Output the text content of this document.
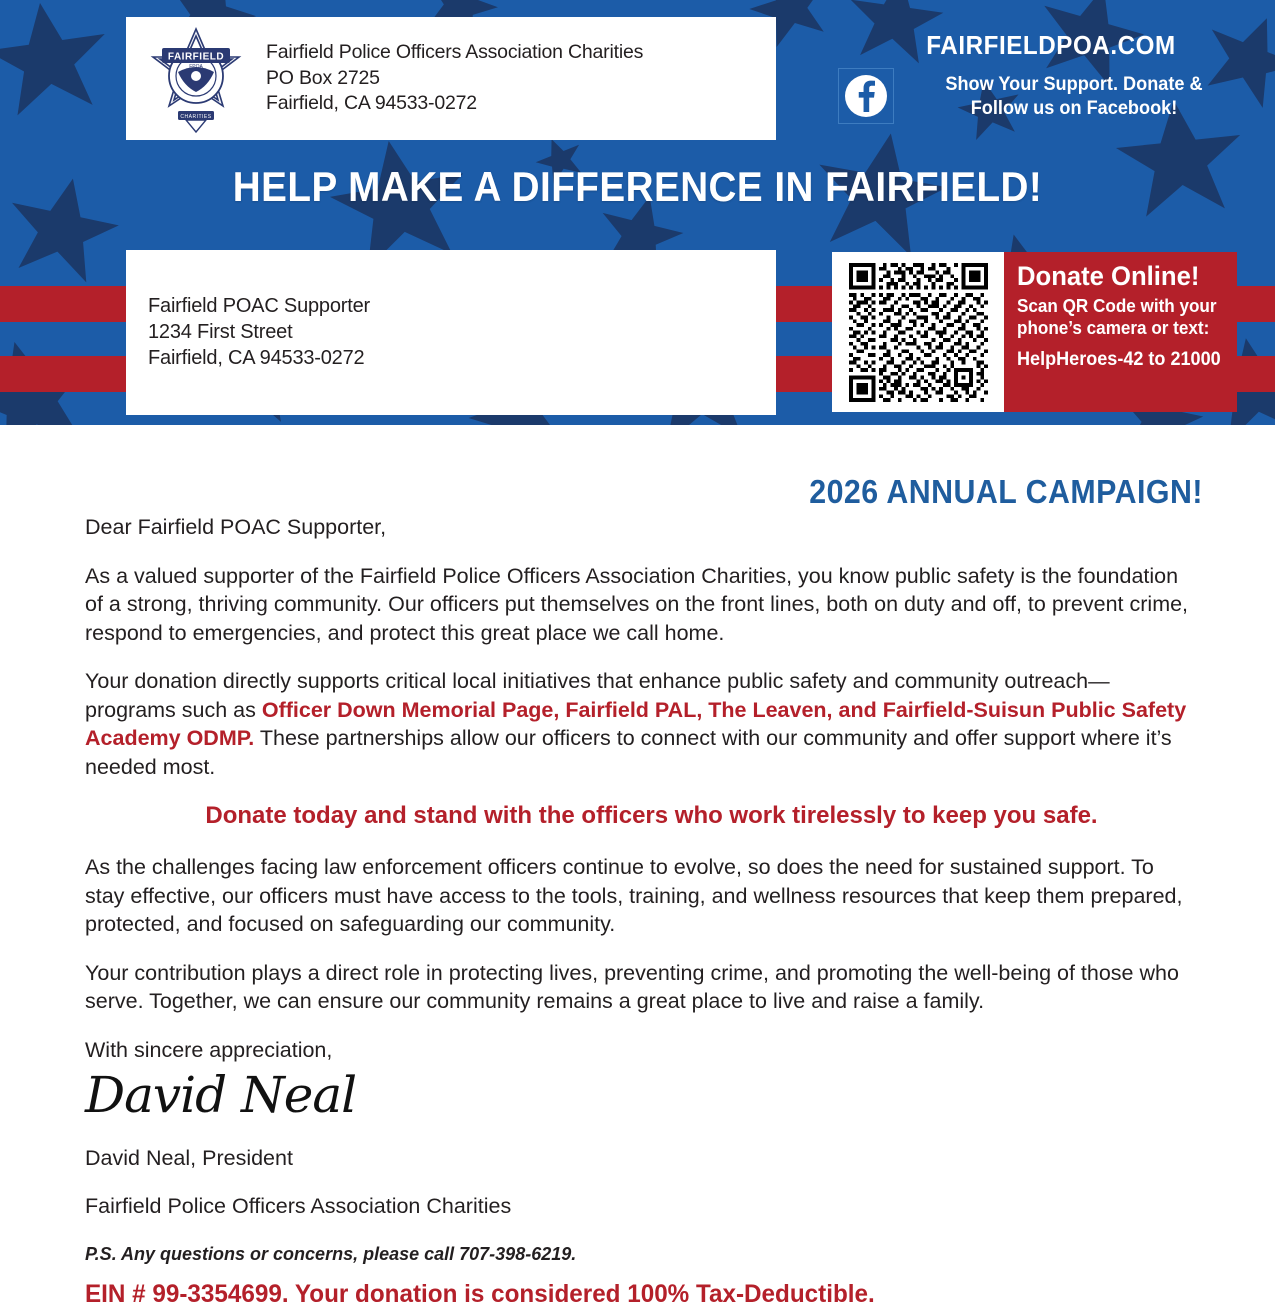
FAIRFIELD
CHARITIES
FPOA
Fairfield Police Officers Association Charities
PO Box 2725
Fairfield, CA 94533-0272
FAIRFIELDPOA.COM
Show Your Support. Donate &
Follow us on Facebook!
HELP MAKE A DIFFERENCE IN FAIRFIELD!
Fairfield POAC Supporter
1234 First Street
Fairfield, CA 94533-0272
Donate Online!
Scan QR Code with your
phone’s camera or text:
HelpHeroes-42 to 21000
2026 ANNUAL CAMPAIGN!

Dear Fairfield POAC Supporter,

As a valued supporter of the Fairfield Police Officers Association Charities, you know public safety is the foundation of a strong, thriving community. Our officers put themselves on the front lines, both on duty and off, to prevent crime, respond to emergencies, and protect this great place we call home.

Your donation directly supports critical local initiatives that enhance public safety and community outreach—programs such as Officer Down Memorial Page, Fairfield PAL, The Leaven, and Fairfield-Suisun Public Safety Academy ODMP. These partnerships allow our officers to connect with our community and offer support where it’s needed most.

Donate today and stand with the officers who work tirelessly to keep you safe.

As the challenges facing law enforcement officers continue to evolve, so does the need for sustained support. To stay effective, our officers must have access to the tools, training, and wellness resources that keep them prepared, protected, and focused on safeguarding our community.

Your contribution plays a direct role in protecting lives, preventing crime, and promoting the well-being of those who serve. Together, we can ensure our community remains a great place to live and raise a family.

With sincere appreciation,

David Neal

David Neal, President

Fairfield Police Officers Association Charities

P.S. Any questions or concerns, please call 707-398-6219.

EIN # 99-3354699. Your donation is considered 100% Tax-Deductible.
